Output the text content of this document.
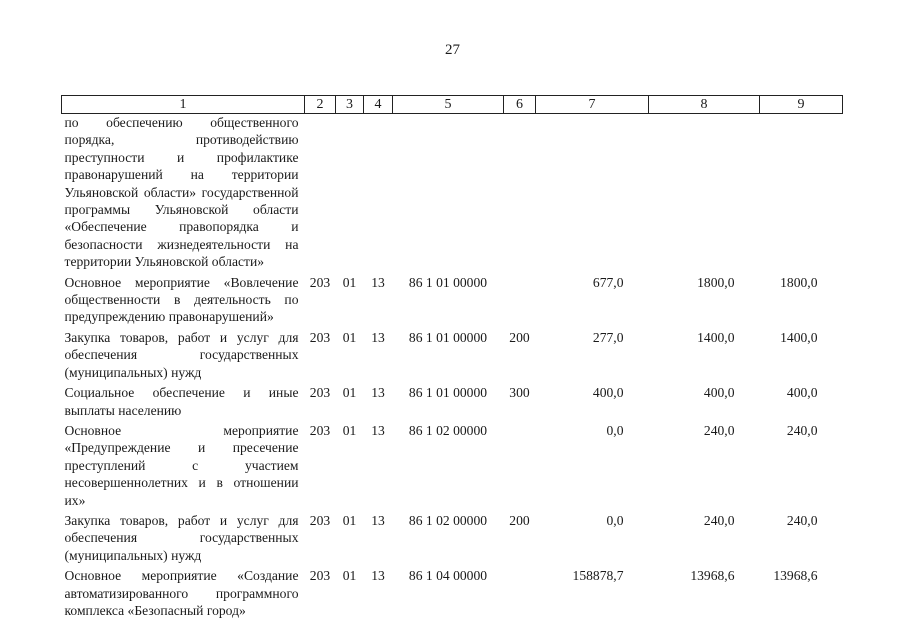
27
1	2	3	4	5	6	7	8	9
по обеспечению общественного порядка, противодействию преступности и профилактике правонарушений на территории Ульяновской области» государственной программы Ульяновской области «Обеспечение правопорядка и безопасности жизнедеятельности на территории Ульяновской области»								
Основное мероприятие «Вовлечение общественности в деятельность по предупреждению правонарушений»	203	01	13	86 1 01 00000		677,0	1800,0	1800,0
Закупка товаров, работ и услуг для обеспечения государственных (муниципальных) нужд	203	01	13	86 1 01 00000	200	277,0	1400,0	1400,0
Социальное обеспечение и иные выплаты населению	203	01	13	86 1 01 00000	300	400,0	400,0	400,0
Основное мероприятие «Предупреждение и пресечение преступлений с участием несовершеннолетних и в отношении их»	203	01	13	86 1 02 00000		0,0	240,0	240,0
Закупка товаров, работ и услуг для обеспечения государственных (муниципальных) нужд	203	01	13	86 1 02 00000	200	0,0	240,0	240,0
Основное мероприятие «Создание автоматизированного программного комплекса «Безопасный город»	203	01	13	86 1 04 00000		158878,7	13968,6	13968,6
